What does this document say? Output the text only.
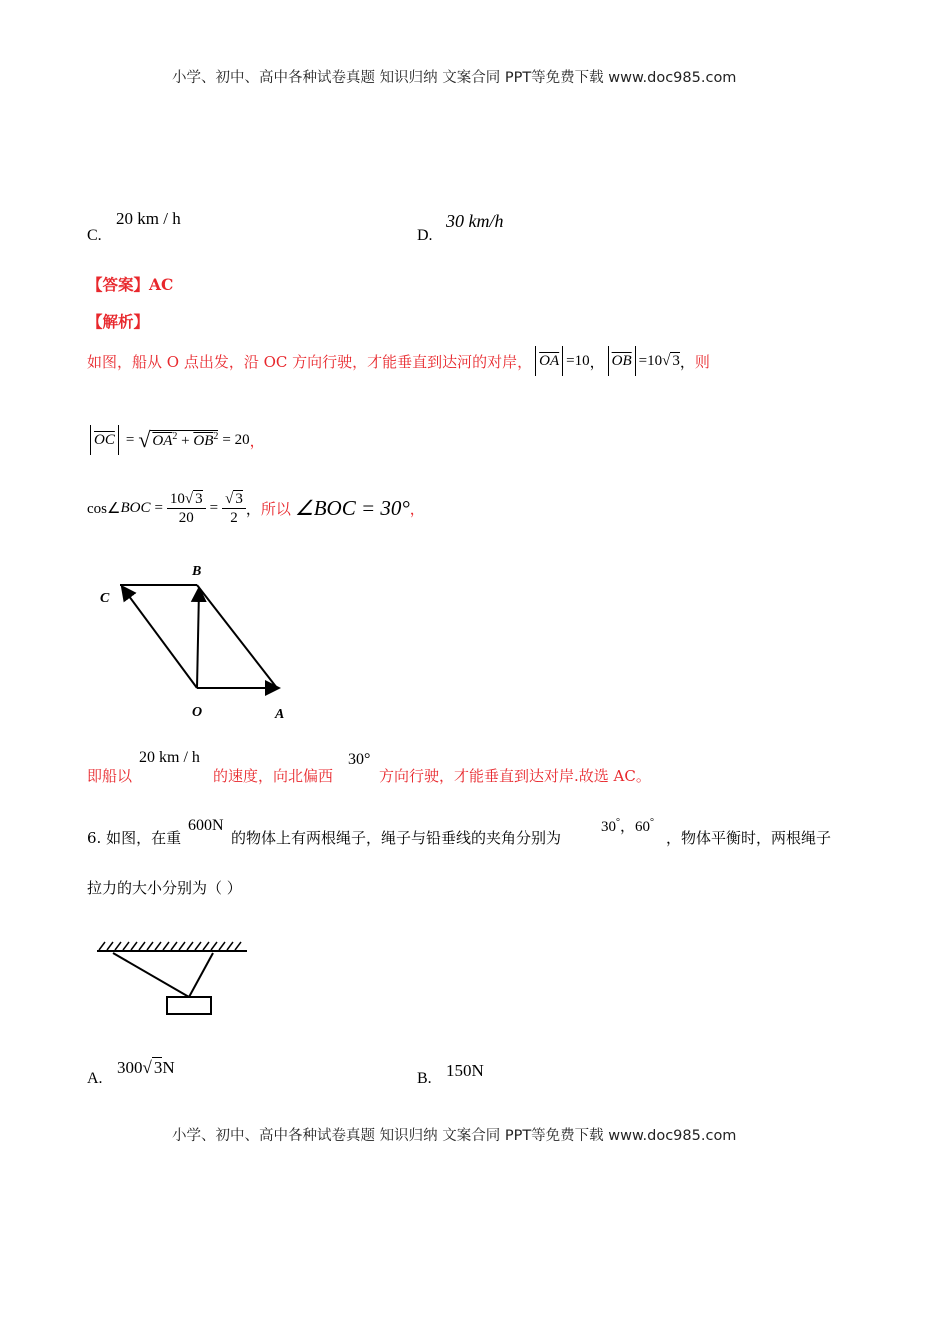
小学、初中、高中各种试卷真题 知识归纳 文案合同 PPT等免费下载 www.doc985.com
C.
20 km / h
D.
30 km/h
【答案】AC
【解析】
如图，船从 O 点出发，沿 OC 方向行驶，才能垂直到达河的对岸， $\overline{OA} =10$ ， $\overline{OB} =10$ √ 3 ， 则
$\overline{OC}$ = √ $OA^2 + \overline{OB}^2 = 20$ ，
cos∠ BOC = $\frac{10√ 3}{20} = \frac{√ 3}{2}$ ， 所以 ∠BOC = 30° ，
B
C
O	A
即船以
20 km / h
的速度，向北偏西
30°
方向行驶，才能垂直到达对岸.故选 AC。
6. 如图，在重
600N
的物体上有两根绳子，绳子与铅垂线的夹角分别为
30°，60°
，物体平衡时，两根绳子
拉力的大小分别为（ ）
A.
300√ 3N
B. 150N
小学、初中、高中各种试卷真题 知识归纳 文案合同 PPT等免费下载 www.doc985.com
